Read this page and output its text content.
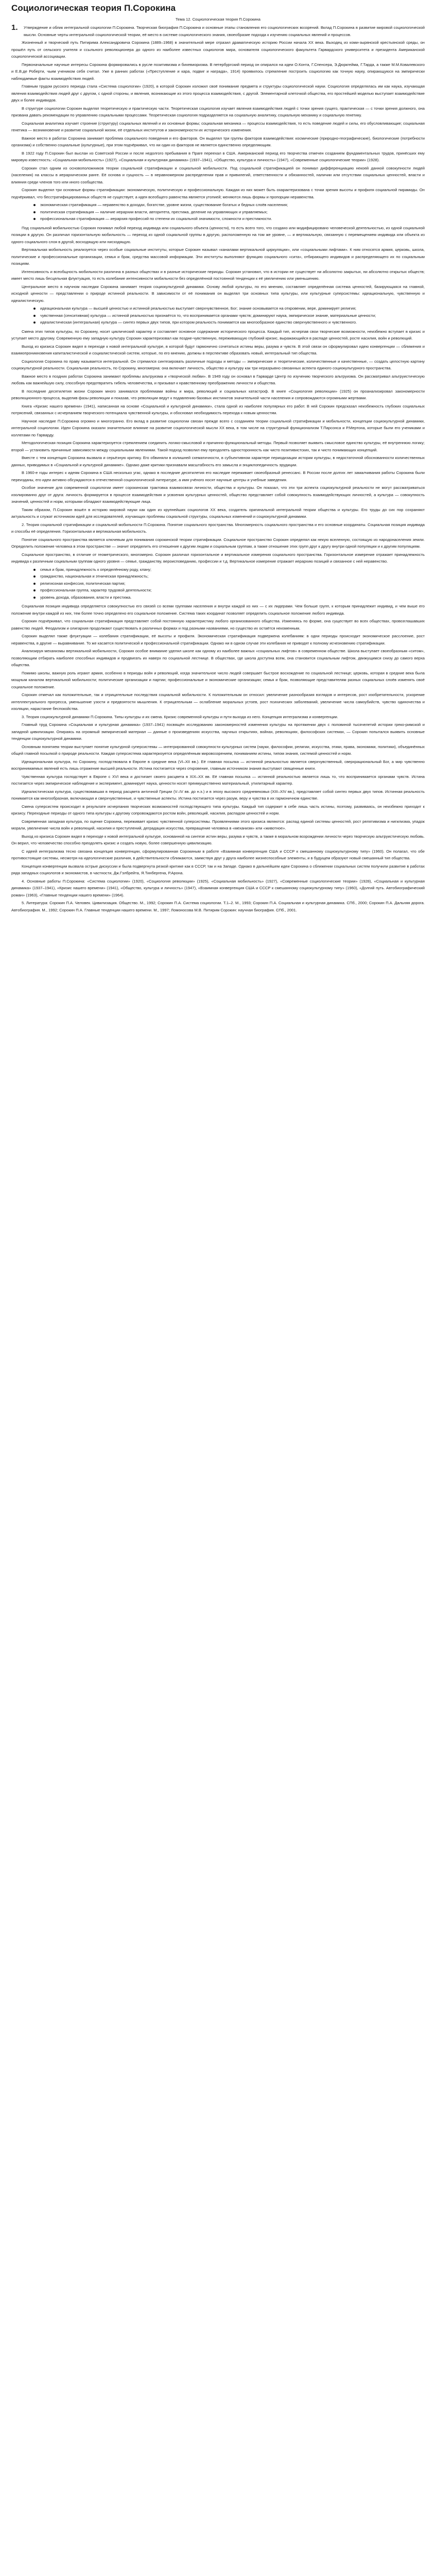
Социологическая теория П.Сорокина
Тема 12. Социологическая теория П.Сорокина
1.	Утверждение и облик интегральной социологии П.Сорокина. Творческая биография П.Сорокина и основные этапы становления его социологических воззрений. Вклад П.Сорокина в развитие мировой социологической мысли. Основные черты интегральной социологической теории, её место в системе социологического знания, своеобразие подхода к изучению социальных явлений и процессов.

Жизненный и творческий путь Питирима Александровича Сорокина (1889–1968) в значительной мере отразил драматическую историю России начала XX века. Выходец из коми-зырянской крестьянской среды, он прошёл путь от сельского учителя и ссыльного революционера до одного из наиболее известных социологов мира, основателя социологического факультета Гарвардского университета и президента Американской социологической ассоциации.

Первоначальные научные интересы Сорокина формировались в русле позитивизма и бихевиоризма. В петербургский период он опирался на идеи О.Конта, Г.Спенсера, Э.Дюркгейма, Г.Тарда, а также М.М.Ковалевского и Е.В.де Роберти, чьим учеником себя считал. Уже в ранних работах («Преступление и кара, подвиг и награда», 1914) проявилось стремление построить социологию как точную науку, опирающуюся на эмпирически наблюдаемые факты взаимодействия людей.

Главным трудом русского периода стала «Система социологии» (1920), в которой Сорокин изложил своё понимание предмета и структуры социологической науки. Социология определялась им как наука, изучающая явления взаимодействия людей друг с другом, с одной стороны, и явления, возникающие из этого процесса взаимодействия, с другой. Элементарной клеточкой общества, его простейшей моделью выступает взаимодействие двух и более индивидов.

В структуре социологии Сорокин выделял теоретическую и практическую части. Теоретическая социология изучает явления взаимодействия людей с точки зрения сущего, практическая — с точки зрения должного, она призвана давать рекомендации по управлению социальными процессами. Теоретическая социология подразделяется на социальную аналитику, социальную механику и социальную генетику.

Социальная аналитика изучает строение (структуру) социальных явлений и их основные формы; социальная механика — процессы взаимодействия, то есть поведение людей и силы, его обусловливающие; социальная генетика — возникновение и развитие социальной жизни, её отдельных институтов и закономерности их исторического изменения.

Важное место в работах Сорокина занимает проблема социального поведения и его факторов. Он выделял три группы факторов взаимодействия: космические (природно-географические), биологические (потребности организма) и собственно социальные (культурные), при этом подчёркивал, что ни один из факторов не является единственно определяющим.

В 1922 году П.Сорокин был выслан из Советской России и после недолгого пребывания в Праге переехал в США. Американский период его творчества отмечен созданием фундаментальных трудов, принёсших ему мировую известность: «Социальная мобильность» (1927), «Социальная и культурная динамика» (1937–1941), «Общество, культура и личность» (1947), «Современные социологические теории» (1928).

Сорокин стал одним из основоположников теории социальной стратификации и социальной мобильности. Под социальной стратификацией он понимал дифференциацию некоей данной совокупности людей (населения) на классы в иерархическом ранге. Её основа и сущность — в неравномерном распределении прав и привилегий, ответственности и обязанностей, наличии или отсутствии социальных ценностей, власти и влияния среди членов того или иного сообщества.

Сорокин выделял три основные формы стратификации: экономическую, политическую и профессиональную. Каждая из них может быть охарактеризована с точки зрения высоты и профиля социальной пирамиды. Он подчёркивал, что бесстратифицированных обществ не существует, а идея всеобщего равенства является утопией; меняются лишь формы и пропорции неравенства.

экономическая стратификация — неравенство в доходах, богатстве, уровне жизни, существование богатых и бедных слоёв населения;
политическая стратификация — наличие иерархии власти, авторитета, престижа, деление на управляющих и управляемых;
профессиональная стратификация — иерархия профессий по степени их социальной значимости, сложности и престижности.

Под социальной мобильностью Сорокин понимал любой переход индивида или социального объекта (ценности), то есть всего того, что создано или модифицировано человеческой деятельностью, из одной социальной позиции в другую. Он различал горизонтальную мобильность — переход из одной социальной группы в другую, расположенную на том же уровне, — и вертикальную, связанную с перемещением индивида или объекта из одного социального слоя в другой, восходящую или нисходящую.

Вертикальная мобильность реализуется через особые социальные институты, которые Сорокин называл «каналами вертикальной циркуляции», или «социальными лифтами». К ним относятся армия, церковь, школа, политические и профессиональные организации, семья и брак, средства массовой информации. Эти институты выполняют функцию социального «сита», отбирающего индивидов и распределяющего их по социальным позициям.

Интенсивность и всеобщность мобильности различна в разных обществах и в разные исторические периоды. Сорокин установил, что в истории не существует ни абсолютно закрытых, ни абсолютно открытых обществ; имеет место лишь бесцельная флуктуация, то есть колебание интенсивности мобильности без определённой постоянной тенденции к её увеличению или уменьшению.

Центральное место в научном наследии Сорокина занимает теория социокультурной динамики. Основу любой культуры, по его мнению, составляет определённая система ценностей, базирующаяся на главной, исходной ценности — представлении о природе истинной реальности. В зависимости от её понимания он выделял три основных типа культуры, или культурные суперсистемы: идеациональную, чувственную и идеалистическую.

идеациональная культура — высшей ценностью и истинной реальностью выступает сверхчувственное, Бог; знание основывается на откровении, вере, доминирует религия;
чувственная (сенситивная) культура — истинной реальностью признаётся то, что воспринимается органами чувств; доминируют наука, эмпирическое знание, материальные ценности;
идеалистическая (интегральная) культура — синтез первых двух типов, при котором реальность понимается как многообразное единство сверхчувственного и чувственного.

Смена этих типов культуры, по Сорокину, носит циклический характер и составляет основное содержание исторического процесса. Каждый тип, исчерпав свои творческие возможности, неизбежно вступает в кризис и уступает место другому. Современную ему западную культуру Сорокин характеризовал как поздне-чувственную, переживающую глубокий кризис, выражающийся в распаде ценностей, росте насилия, войн и революций.

Выход из кризиса Сорокин видел в переходе к новой интегральной культуре, в которой будут гармонично сочетаться истины веры, разума и чувств. В этой связи он сформулировал идею конвергенции — сближения и взаимопроникновения капиталистической и социалистической систем, которые, по его мнению, должны в перспективе образовать новый, интегральный тип общества.

Социология Сорокина по праву называется интегральной. Он стремился синтезировать различные подходы и методы — эмпирические и теоретические, количественные и качественные, — создать целостную картину социокультурной реальности. Социальная реальность, по Сорокину, многомерна: она включает личность, общество и культуру как три неразрывно связанных аспекта единого социокультурного пространства.

Важное место в поздних работах Сорокина занимают проблемы альтруизма и «творческой любви». В 1949 году он основал в Гарварде Центр по изучению творческого альтруизма. Он рассматривал альтруистическую любовь как важнейшую силу, способную предотвратить гибель человечества, и призывал к нравственному преображению личности и общества.

В последние десятилетия жизни Сорокин много занимался проблемами войны и мира, революций и социальных катастроф. В книге «Социология революции» (1925) он проанализировал закономерности революционного процесса, выделив фазы революции и показав, что революции ведут к подавлению базовых инстинктов значительной части населения и сопровождаются огромными жертвами.

Книга «Кризис нашего времени» (1941), написанная на основе «Социальной и культурной динамики», стала одной из наиболее популярных его работ. В ней Сорокин предсказал неизбежность глубоких социальных потрясений, связанных с исчерпанием творческого потенциала чувственной культуры, и обосновал необходимость перехода к новым ценностям.

Научное наследие П.Сорокина огромно и многогранно. Его вклад в развитие социологии связан прежде всего с созданием теории социальной стратификации и мобильности, концепции социокультурной динамики, интегральной социологии. Идеи Сорокина оказали значительное влияние на развитие социологической мысли XX века, в том числе на структурный функционализм Т.Парсонса и Р.Мертона, которые были его учениками и коллегами по Гарварду.

Методологическая позиция Сорокина характеризуется стремлением соединить логико-смысловой и причинно-функциональный методы. Первый позволяет выявить смысловое единство культуры, её внутреннюю логику; второй — установить причинные зависимости между социальными явлениями. Такой подход позволил ему преодолеть односторонность как чисто позитивистских, так и чисто понимающих концепций.

Вместе с тем концепция Сорокина вызвала и серьёзную критику. Его обвиняли в излишней схематичности, в субъективном характере периодизации истории культуры, в недостаточной обоснованности количественных данных, приводимых в «Социальной и культурной динамике». Однако даже критики признавали масштабность его замысла и энциклопедичность эрудиции.

В 1960-е годы интерес к идеям Сорокина в США несколько угас, однако в последние десятилетия его наследие переживает своеобразный ренессанс. В России после долгих лет замалчивания работы Сорокина были переизданы, его идеи активно обсуждаются в отечественной социологической литературе, а имя учёного носят научные центры и учебные заведения.

Особое значение для современной социологии имеет сорокинская трактовка взаимосвязи личности, общества и культуры. Он показал, что эти три аспекта социокультурной реальности не могут рассматриваться изолированно друг от друга: личность формируется в процессе взаимодействия и усвоения культурных ценностей, общество представляет собой совокупность взаимодействующих личностей, а культура — совокупность значений, ценностей и норм, которыми обладают взаимодействующие лица.

Таким образом, П.Сорокин вошёл в историю мировой науки как один из крупнейших социологов XX века, создатель оригинальной интегральной теории общества и культуры. Его труды до сих пор сохраняют актуальность и служат источником идей для исследователей, изучающих проблемы социальной структуры, социальных изменений и социокультурной динамики.

2. Теория социальной стратификации и социальной мобильности П.Сорокина. Понятие социального пространства. Многомерность социального пространства и его основные координаты. Социальная позиция индивида и способы её определения. Горизонтальная и вертикальная мобильность.

Понятие социального пространства является ключевым для понимания сорокинской теории стратификации. Социальное пространство Сорокин определял как некую вселенную, состоящую из народонаселения земли. Определить положение человека в этом пространстве — значит определить его отношение к другим людям и социальным группам, а также отношение этих групп друг к другу внутри одной популяции и к другим популяциям.

Социальное пространство, в отличие от геометрического, многомерно. Сорокин различал горизонтальное и вертикальное измерения социального пространства. Горизонтальное измерение отражает принадлежность индивида к различным социальным группам одного уровня — семье, гражданству, вероисповеданию, профессии и т.д. Вертикальное измерение отражает иерархию позиций и связанное с ней неравенство.

семья и брак, принадлежность к определённому роду, клану;
гражданство, национальная и этническая принадлежность;
религиозная конфессия, политическая партия;
профессиональная группа, характер трудовой деятельности;
уровень дохода, образования, власти и престижа.

Социальная позиция индивида определяется совокупностью его связей со всеми группами населения и внутри каждой из них — с их лидерами. Чем больше групп, к которым принадлежит индивид, и чем выше его положение внутри каждой из них, тем более точно определено его социальное положение. Система таких координат позволяет определить социальное положение любого индивида.

Сорокин подчёркивал, что социальная стратификация представляет собой постоянную характеристику любого организованного общества. Изменяясь по форме, она существует во всех обществах, провозглашавших равенство людей. Феодализм и олигархия продолжают существовать в различных формах и под разными названиями, но существо их остаётся неизменным.

Сорокин выделял также флуктуации — колебания стратификации, её высоты и профиля. Экономическая стратификация подвержена колебаниям: в одни периоды происходит экономическое расслоение, рост неравенства, в другие — выравнивание. То же касается политической и профессиональной стратификации. Однако ни в одном случае эти колебания не приводят к полному исчезновению стратификации.

Анализируя механизмы вертикальной мобильности, Сорокин особое внимание уделял школе как одному из наиболее важных «социальных лифтов» в современном обществе. Школа выступает своеобразным «ситом», позволяющим отбирать наиболее способных индивидов и продвигать их наверх по социальной лестнице. В обществах, где школа доступна всем, она становится социальным лифтом, движущимся снизу до самого верха общества.

Помимо школы, важную роль играют армия, особенно в периоды войн и революций, когда значительное число людей совершает быстрое восхождение по социальной лестнице; церковь, которая в средние века была мощным каналом вертикальной мобильности; политические организации и партии; профессиональные и экономические организации; семья и брак, позволяющие представителям разных социальных слоёв изменять своё социальное положение.

Сорокин отмечал как положительные, так и отрицательные последствия социальной мобильности. К положительным он относил: увеличение разнообразия взглядов и интересов, рост изобретательности, ускорение интеллектуального прогресса, уменьшение узости и предвзятости мышления. К отрицательным — ослабление моральных устоев, рост психических заболеваний, увеличение числа самоубийств, чувство одиночества и изоляции, нарастание беспокойства.

3. Теория социокультурной динамики П.Сорокина. Типы культуры и их смена. Кризис современной культуры и пути выхода из него. Концепция интегрализма и конвергенции.

Главный труд Сорокина «Социальная и культурная динамика» (1937–1941) посвящён исследованию закономерностей изменения культуры на протяжении двух с половиной тысячелетий истории греко-римской и западной цивилизации. Опираясь на огромный эмпирический материал — данные о произведениях искусства, научных открытиях, войнах, революциях, философских системах, — Сорокин попытался выявить основные тенденции социокультурной динамики.

Основным понятием теории выступает понятие культурной суперсистемы — интегрированной совокупности культурных систем (науки, философии, религии, искусства, этики, права, экономики, политики), объединённых общей главной посылкой о природе реальности. Каждая суперсистема характеризуется определённым мировоззрением, пониманием истины, типом знания, системой ценностей и норм.

Идеациональная культура, по Сорокину, господствовала в Европе в средние века (VI–XII вв.). Её главная посылка — истинной реальностью является сверхчувственный, сверхрациональный Бог, а мир чувственно воспринимаемых явлений есть лишь отражение высшей реальности. Истина постигается через откровение, главным источником знания выступают священные книги.

Чувственная культура господствует в Европе с XVI века и достигает своего расцвета в XIX–XX вв. Её главная посылка — истинной реальностью является лишь то, что воспринимается органами чувств. Истина постигается через эмпирическое наблюдение и эксперимент, доминирует наука, ценности носят преимущественно материальный, утилитарный характер.

Идеалистическая культура, существовавшая в период расцвета античной Греции (V–IV вв. до н.э.) и в эпоху высокого средневековья (XIII–XIV вв.), представляет собой синтез первых двух типов. Истинная реальность понимается как многообразная, включающая и сверхчувственные, и чувственные аспекты. Истина постигается через разум, веру и чувства в их гармоничном единстве.

Смена суперсистем происходит в результате исчерпания творческих возможностей господствующего типа культуры. Каждый тип содержит в себе лишь часть истины, поэтому, развиваясь, он неизбежно приходит к кризису. Переходные периоды от одного типа культуры к другому сопровождаются ростом войн, революций, насилия, распадом ценностей и норм.

Современная западная культура, по оценке Сорокина, переживает кризис чувственной суперсистемы. Проявлениями этого кризиса являются: распад единой системы ценностей, рост релятивизма и нигилизма, упадок морали, увеличение числа войн и революций, насилия и преступлений, деградация искусства, превращение человека в «механизм» или «животное».

Выход из кризиса Сорокин видел в переходе к новой интегральной культуре, основанной на синтезе истин веры, разума и чувств, а также в моральном возрождении личности через творческую альтруистическую любовь. Он верил, что человечество способно преодолеть кризис и создать новую, более совершенную цивилизацию.

С идеей интегрализма тесно связана концепция конвергенции, сформулированная Сорокиным в работе «Взаимная конвергенция США и СССР к смешанному социокультурному типу» (1960). Он полагал, что обе противостоящие системы, несмотря на идеологические различия, в действительности сближаются, заимствуя друг у друга наиболее жизнеспособные элементы, и в будущем образуют новый смешанный тип общества.

Концепция конвергенции вызвала острые дискуссии и была подвергнута резкой критике как в СССР, так и на Западе. Однако в дальнейшем идеи Сорокина о сближении социальных систем получили развитие в работах ряда западных социологов и экономистов, в частности, Дж.Гэлбрейта, Я.Тинбергена, Р.Арона.

4. Основные работы П.Сорокина: «Система социологии» (1920), «Социология революции» (1925), «Социальная мобильность» (1927), «Современные социологические теории» (1928), «Социальная и культурная динамика» (1937–1941), «Кризис нашего времени» (1941), «Общество, культура и личность» (1947), «Взаимная конвергенция США и СССР к смешанному социокультурному типу» (1960), «Долгий путь. Автобиографический роман» (1963), «Главные тенденции нашего времени» (1964).

5. Литература: Сорокин П.А. Человек. Цивилизация. Общество. М., 1992; Сорокин П.А. Система социологии. Т.1–2. М., 1993; Сорокин П.А. Социальная и культурная динамика. СПб., 2000; Сорокин П.А. Дальняя дорога. Автобиография. М., 1992; Сорокин П.А. Главные тенденции нашего времени. М., 1997; Ломоносова М.В. Питирим Сорокин: научная биография. СПб., 2001.
